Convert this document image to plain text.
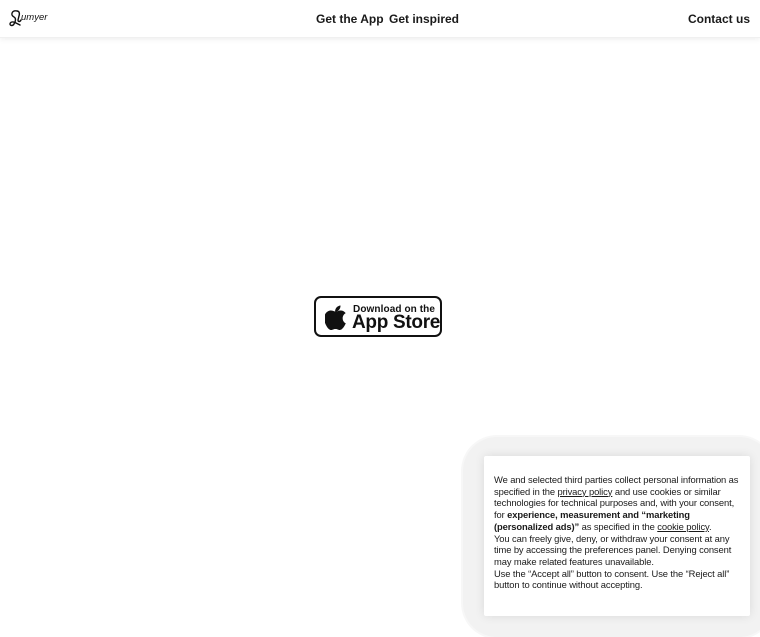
umyer	Get the App Get inspired	Contact us
Download on the
App Store

We and selected third parties collect personal information as specified in the privacy policy and use cookies or similar technologies for technical purposes and, with your consent, for experience, measurement and “marketing (personalized ads)” as specified in the cookie policy.

You can freely give, deny, or withdraw your consent at any time by accessing the preferences panel. Denying consent may make related features unavailable.

Use the “Accept all” button to consent. Use the “Reject all” button to continue without accepting.
